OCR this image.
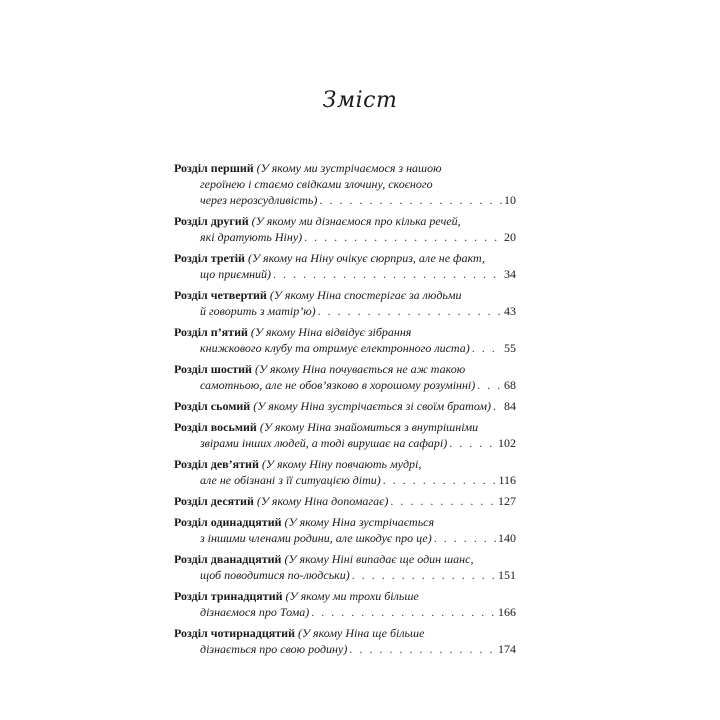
Зміст
Розділ перший
(У якому ми зустрічаємося з нашою
героїнею і стаємо свідками злочину, скоєного
через нерозсудливість) . . .	10
Розділ другий
(У якому ми дізнаємося про кілька речей,
які дратують Ніну) . . .	20
Розділ третій
(У якому на Ніну очікує сюрприз, але не факт,
що приємний) . . .	34
Розділ четвертий
(У якому Ніна спостерігає за людьми
й говорить з матір’ю) . . .	43
Розділ п’ятий
(У якому Ніна відвідує зібрання
книжкового клубу та отримує електронного листа) . . .	55
Розділ шостий
(У якому Ніна почувається не аж такою
самотньою, але не обов’язково в хорошому розумінні) . . . 68
Розділ сьомий
(У якому Ніна зустрічається зі своїм братом) . . . 84
Розділ восьмий
(У якому Ніна знайомиться з внутрішніми
звірами інших людей, а тоді вирушає на сафарі) . . .	102
Розділ дев’ятий
(У якому Ніну повчають мудрі,
але не обізнані з її ситуацією діти) . . .	116
Розділ десятий
(У якому Ніна допомагає) . . .	127
Розділ одинадцятий
(У якому Ніна зустрічається
з іншими членами родини, але шкодує про це) . . .	140
Розділ дванадцятий
(У якому Ніні випадає ще один шанс,
щоб поводитися по-людськи) . . .	151
Розділ тринадцятий
(У якому ми трохи більше
дізнаємося про Тома) . . .	166
Розділ чотирнадцятий
(У якому Ніна ще більше
дізнається про свою родину) . . .	174
